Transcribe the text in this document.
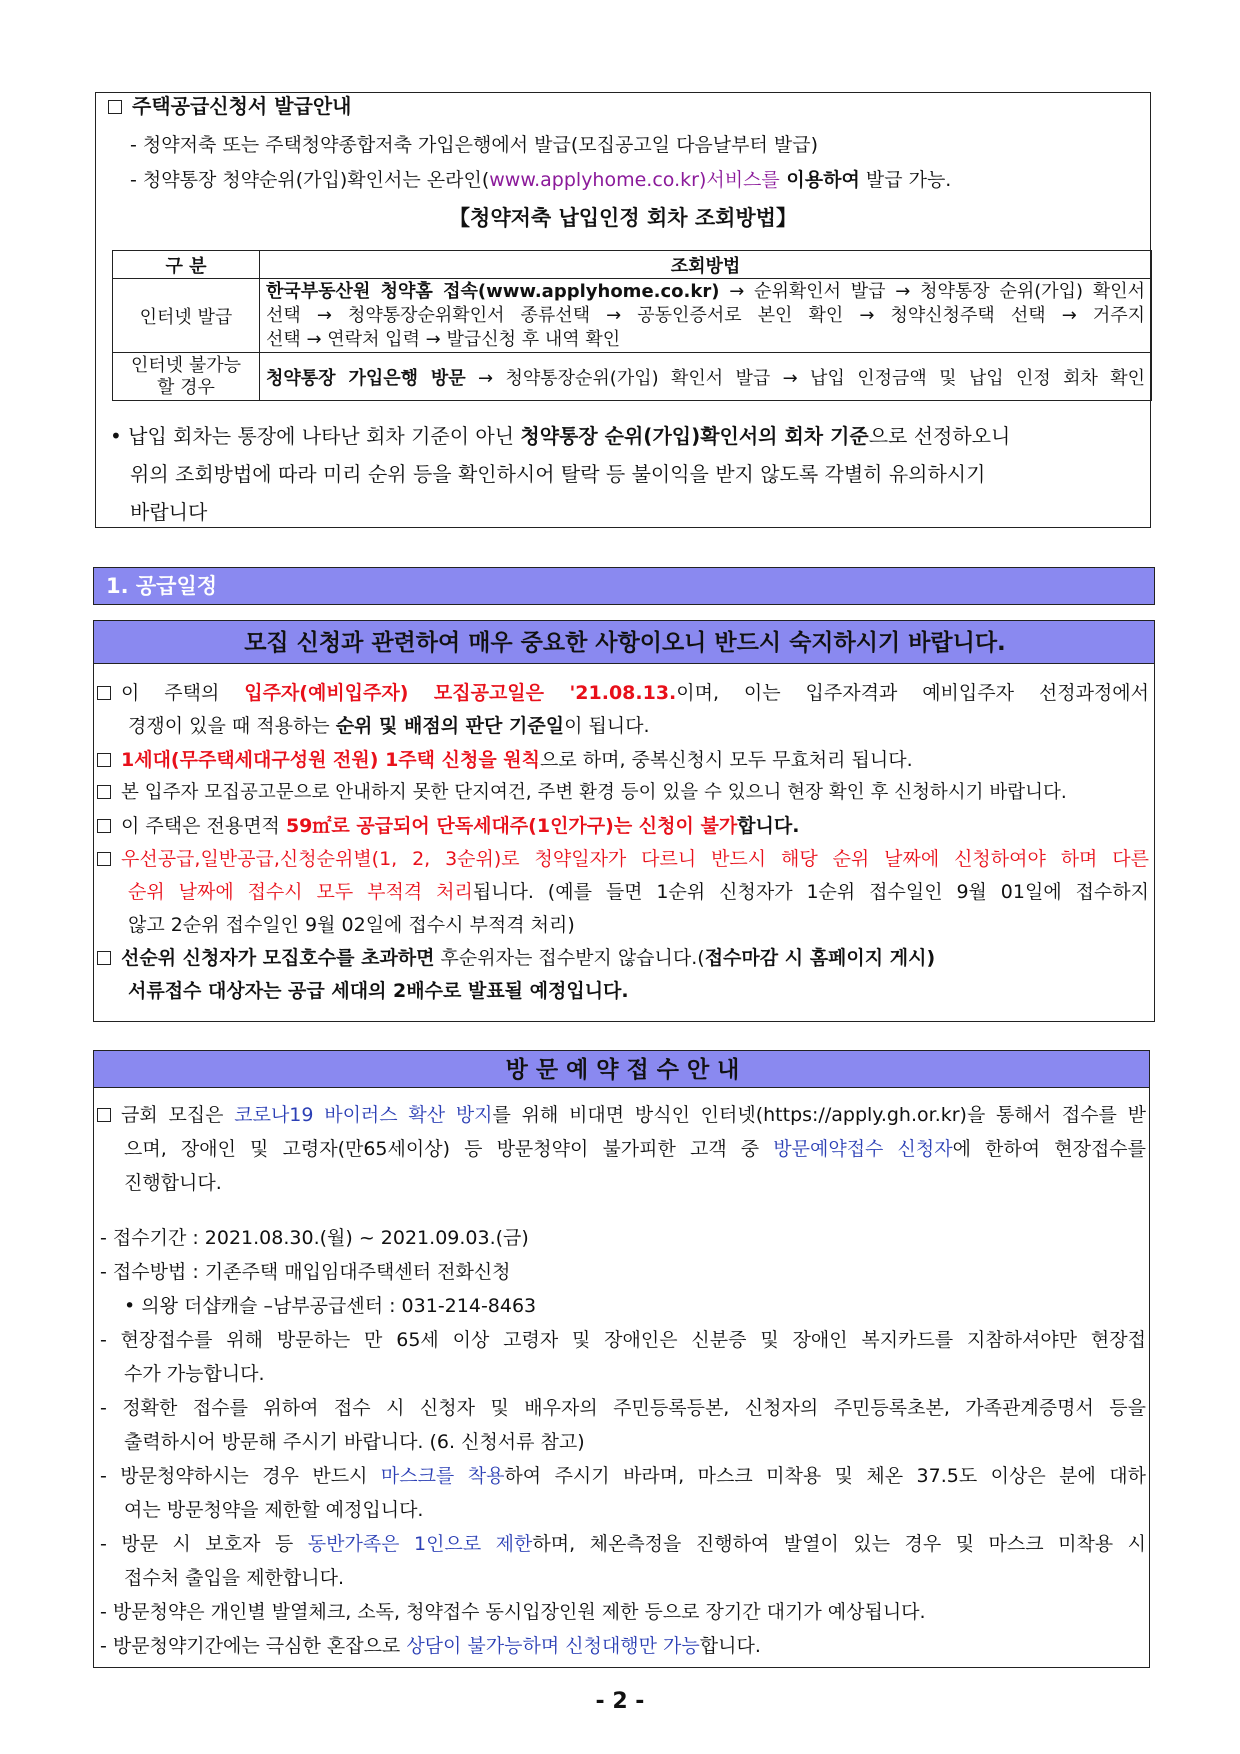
주택공급신청서 발급안내
- 청약저축 또는 주택청약종합저축 가입은행에서 발급(모집공고일 다음날부터 발급)
- 청약통장 청약순위(가입)확인서는 온라인(www.applyhome.co.kr)서비스를 이용하여 발급 가능.
【청약저축 납입인정 회차 조회방법】
구 분	조회방법
인터넷 발급	한국부동산원 청약홈 접속(www.applyhome.co.kr) → 순위확인서 발급 → 청약통장 순위(가입) 확인서
선택 → 청약통장순위확인서 종류선택 → 공동인증서로 본인 확인 → 청약신청주택 선택 → 거주지
선택 → 연락처 입력 → 발급신청 후 내역 확인

인터넷 불가능
할 경우	청약통장 가입은행 방문 → 청약통장순위(가입) 확인서 발급 → 납입 인정금액 및 납입 인정 회차 확인
• 납입 회차는 통장에 나타난 회차 기준이 아닌 청약통장 순위(가입)확인서의 회차 기준으로 선정하오니
위의 조회방법에 따라 미리 순위 등을 확인하시어 탈락 등 불이익을 받지 않도록 각별히 유의하시기
바랍니다
1. 공급일정
모집 신청과 관련하여 매우 중요한 사항이오니 반드시 숙지하시기 바랍니다.
이 주택의 입주자(예비입주자) 모집공고일은 '21.08.13.이며, 이는 입주자격과 예비입주자 선정과정에서
경쟁이 있을 때 적용하는 순위 및 배점의 판단 기준일이 됩니다.
1세대(무주택세대구성원 전원) 1주택 신청을 원칙으로 하며, 중복신청시 모두 무효처리 됩니다.
본 입주자 모집공고문으로 안내하지 못한 단지여건, 주변 환경 등이 있을 수 있으니 현장 확인 후 신청하시기 바랍니다.
이 주택은 전용면적 59㎡로 공급되어 단독세대주(1인가구)는 신청이 불가합니다.
우선공급,일반공급,신청순위별(1, 2, 3순위)로 청약일자가 다르니 반드시 해당 순위 날짜에 신청하여야 하며 다른
순위 날짜에 접수시 모두 부적격 처리됩니다. (예를 들면 1순위 신청자가 1순위 접수일인 9월 01일에 접수하지
않고 2순위 접수일인 9월 02일에 접수시 부적격 처리)
선순위 신청자가 모집호수를 초과하면 후순위자는 접수받지 않습니다.(접수마감 시 홈페이지 게시)
서류접수 대상자는 공급 세대의 2배수로 발표될 예정입니다.
방 문 예 약 접 수 안 내
금회 모집은 코로나19 바이러스 확산 방지를 위해 비대면 방식인 인터넷(https://apply.gh.or.kr)을 통해서 접수를 받
으며, 장애인 및 고령자(만65세이상) 등 방문청약이 불가피한 고객 중 방문예약접수 신청자에 한하여 현장접수를
진행합니다.
- 접수기간 : 2021.08.30.(월) ~ 2021.09.03.(금)
- 접수방법 : 기존주택 매입임대주택센터 전화신청
• 의왕 더샵캐슬 –남부공급센터 : 031-214-8463
- 현장접수를 위해 방문하는 만 65세 이상 고령자 및 장애인은 신분증 및 장애인 복지카드를 지참하셔야만 현장접
수가 가능합니다.
- 정확한 접수를 위하여 접수 시 신청자 및 배우자의 주민등록등본, 신청자의 주민등록초본, 가족관계증명서 등을
출력하시어 방문해 주시기 바랍니다. (6. 신청서류 참고)
- 방문청약하시는 경우 반드시 마스크를 착용하여 주시기 바라며, 마스크 미착용 및 체온 37.5도 이상은 분에 대하
여는 방문청약을 제한할 예정입니다.
- 방문 시 보호자 등 동반가족은 1인으로 제한하며, 체온측정을 진행하여 발열이 있는 경우 및 마스크 미착용 시
접수처 출입을 제한합니다.
- 방문청약은 개인별 발열체크, 소독, 청약접수 동시입장인원 제한 등으로 장기간 대기가 예상됩니다.
- 방문청약기간에는 극심한 혼잡으로 상담이 불가능하며 신청대행만 가능합니다.
- 2 -
